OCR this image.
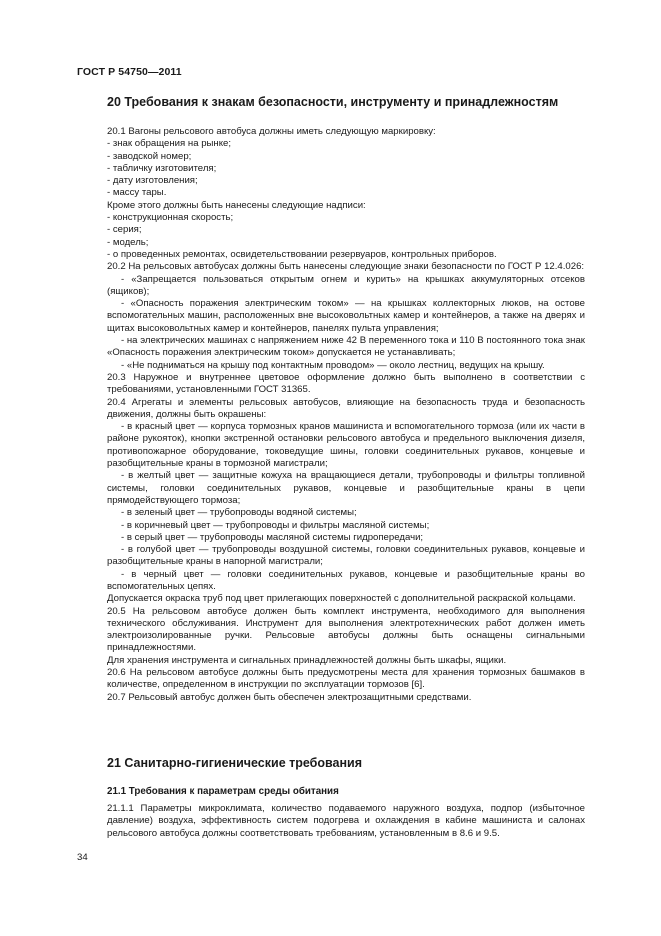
ГОСТ Р 54750—2011
20 Требования к знакам безопасности, инструменту и принадлежностям

20.1 Вагоны рельсового автобуса должны иметь следующую маркировку:

- знак обращения на рынке;

- заводской номер;

- табличку изготовителя;

- дату изготовления;

- массу тары.

Кроме этого должны быть нанесены следующие надписи:

- конструкционная скорость;

- серия;

- модель;

- о проведенных ремонтах, освидетельствовании резервуаров, контрольных приборов.

20.2 На рельсовых автобусах должны быть нанесены следующие знаки безопасности по ГОСТ Р 12.4.026:

- «Запрещается пользоваться открытым огнем и курить» на крышках аккумуляторных отсеков (ящиков);

- «Опасность поражения электрическим током» — на крышках коллекторных люков, на остове вспомогательных машин, расположенных вне высоковольтных камер и контейнеров, а также на дверях и щитах высоковольтных камер и контейнеров, панелях пульта управления;

- на электрических машинах с напряжением ниже 42 В переменного тока и 110 В постоянного тока знак «Опасность поражения электрическим током» допускается не устанавливать;

- «Не подниматься на крышу под контактным проводом» — около лестниц, ведущих на крышу.

20.3 Наружное и внутреннее цветовое оформление должно быть выполнено в соответствии с требованиями, установленными ГОСТ 31365.

20.4 Агрегаты и элементы рельсовых автобусов, влияющие на безопасность труда и безопасность движения, должны быть окрашены:

- в красный цвет — корпуса тормозных кранов машиниста и вспомогательного тормоза (или их части в районе рукояток), кнопки экстренной остановки рельсового автобуса и предельного выключения дизеля, противопожарное оборудование, токоведущие шины, головки соединительных рукавов, концевые и разобщительные краны в тормозной магистрали;

- в желтый цвет — защитные кожуха на вращающиеся детали, трубопроводы и фильтры топливной системы, головки соединительных рукавов, концевые и разобщительные краны в цепи прямодействующего тормоза;

- в зеленый цвет — трубопроводы водяной системы;

- в коричневый цвет — трубопроводы и фильтры масляной системы;

- в серый цвет — трубопроводы масляной системы гидропередачи;

- в голубой цвет — трубопроводы воздушной системы, головки соединительных рукавов, концевые и разобщительные краны в напорной магистрали;

- в черный цвет — головки соединительных рукавов, концевые и разобщительные краны во вспомогательных цепях.

Допускается окраска труб под цвет прилегающих поверхностей с дополнительной раскраской кольцами.

20.5 На рельсовом автобусе должен быть комплект инструмента, необходимого для выполнения технического обслуживания. Инструмент для выполнения электротехнических работ должен иметь электроизолированные ручки. Рельсовые автобусы должны быть оснащены сигнальными принадлежностями.

Для хранения инструмента и сигнальных принадлежностей должны быть шкафы, ящики.

20.6 На рельсовом автобусе должны быть предусмотрены места для хранения тормозных башмаков в количестве, определенном в инструкции по эксплуатации тормозов [6].

20.7 Рельсовый автобус должен быть обеспечен электрозащитными средствами.

21 Санитарно-гигиенические требования
21.1 Требования к параметрам среды обитания

21.1.1 Параметры микроклимата, количество подаваемого наружного воздуха, подпор (избыточное давление) воздуха, эффективность систем подогрева и охлаждения в кабине машиниста и салонах рельсового автобуса должны соответствовать требованиям, установленным в 8.6 и 9.5.

34
